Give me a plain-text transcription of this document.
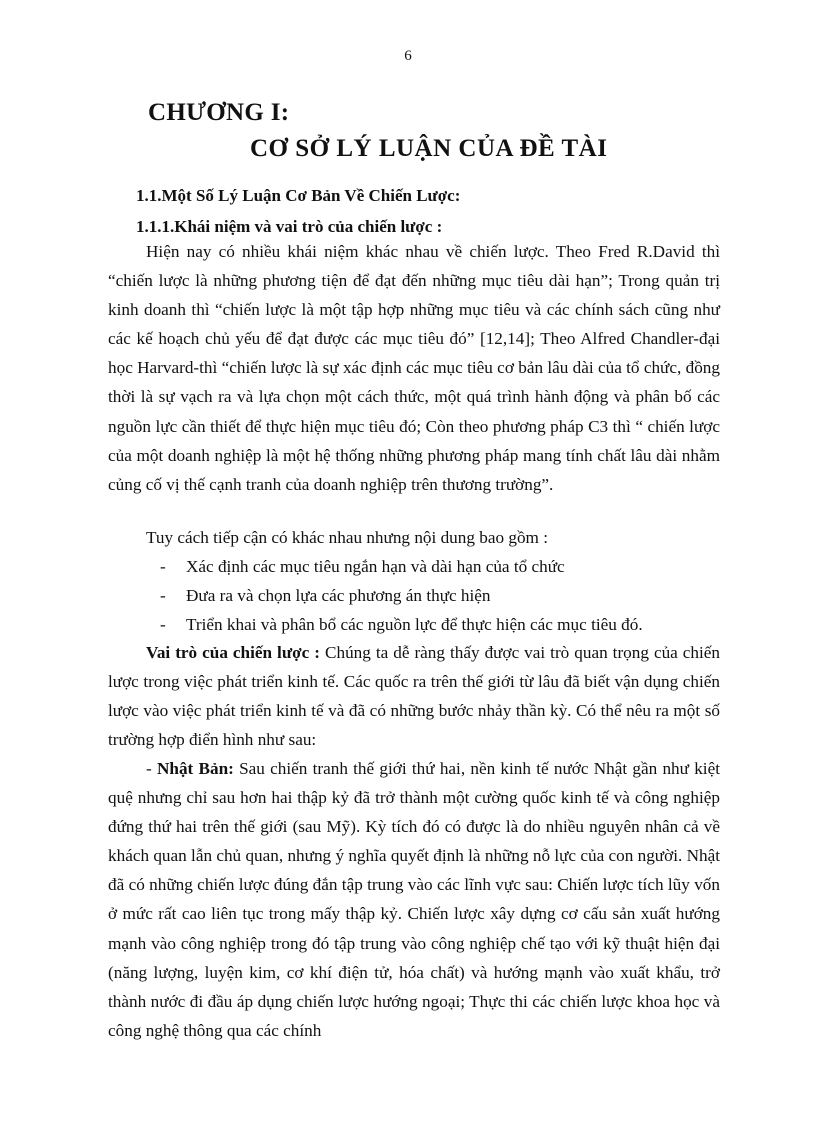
6
CHƯƠNG I:
CƠ SỞ LÝ LUẬN CỦA ĐỀ TÀI
1.1.Một Số Lý Luận Cơ Bản Về Chiến Lược:
1.1.1.Khái niệm và vai trò của chiến lược :

Hiện nay có nhiều khái niệm khác nhau về chiến lược. Theo Fred R.David thì “chiến lược là những phương tiện để đạt đến những mục tiêu dài hạn”; Trong quản trị kinh doanh thì “chiến lược là một tập hợp những mục tiêu và các chính sách cũng như các kế hoạch chủ yếu để đạt được các mục tiêu đó” [12,14]; Theo Alfred Chandler-đại học Harvard-thì “chiến lược là sự xác định các mục tiêu cơ bản lâu dài của tổ chức, đồng thời là sự vạch ra và lựa chọn một cách thức, một quá trình hành động và phân bố các nguồn lực cần thiết để thực hiện mục tiêu đó; Còn theo phương pháp C3 thì “ chiến lược của một doanh nghiệp là một hệ thống những phương pháp mang tính chất lâu dài nhằm củng cố vị thế cạnh tranh của doanh nghiệp trên thương trường”.

Tuy cách tiếp cận có khác nhau nhưng nội dung bao gồm :

-	Xác định các mục tiêu ngắn hạn và dài hạn của tổ chức
-	Đưa ra và chọn lựa các phương án thực hiện
-	Triển khai và phân bổ các nguồn lực để thực hiện các mục tiêu đó.

Vai trò của chiến lược : Chúng ta dễ ràng thấy được vai trò quan trọng của chiến lược trong việc phát triển kinh tế. Các quốc ra trên thế giới từ lâu đã biết vận dụng chiến lược vào việc phát triển kinh tế và đã có những bước nhảy thần kỳ. Có thể nêu ra một số trường hợp điển hình như sau:

- Nhật Bản: Sau chiến tranh thế giới thứ hai, nền kinh tế nước Nhật gần như kiệt quệ nhưng chỉ sau hơn hai thập kỷ đã trở thành một cường quốc kinh tế và công nghiệp đứng thứ hai trên thế giới (sau Mỹ). Kỳ tích đó có được là do nhiều nguyên nhân cả về khách quan lẫn chủ quan, nhưng ý nghĩa quyết định là những nỗ lực của con người. Nhật đã có những chiến lược đúng đắn tập trung vào các lĩnh vực sau: Chiến lược tích lũy vốn ở mức rất cao liên tục trong mấy thập kỷ. Chiến lược xây dựng cơ cấu sản xuất hướng mạnh vào công nghiệp trong đó tập trung vào công nghiệp chế tạo với kỹ thuật hiện đại (năng lượng, luyện kim, cơ khí điện tử, hóa chất) và hướng mạnh vào xuất khẩu, trở thành nước đi đầu áp dụng chiến lược hướng ngoại; Thực thi các chiến lược khoa học và công nghệ thông qua các chính
